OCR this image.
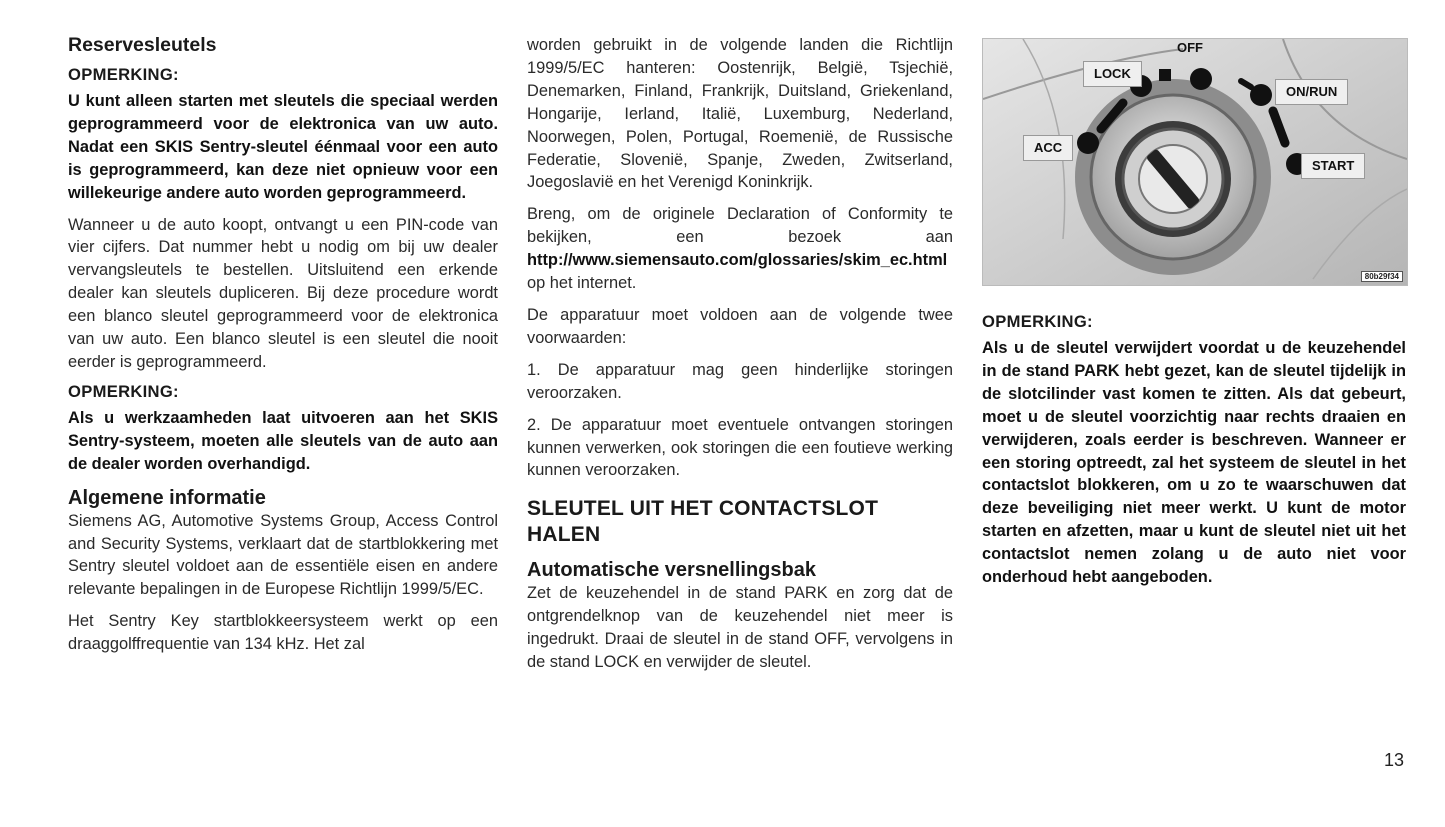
Reservesleutels
OPMERKING:

U kunt alleen starten met sleutels die speciaal werden geprogrammeerd voor de elektronica van uw auto. Nadat een SKIS Sentry-sleutel éénmaal voor een auto is geprogrammeerd, kan deze niet opnieuw voor een willekeurige andere auto worden geprogrammeerd.

Wanneer u de auto koopt, ontvangt u een PIN-code van vier cijfers. Dat nummer hebt u nodig om bij uw dealer vervangsleutels te bestellen. Uitsluitend een erkende dealer kan sleutels dupliceren. Bij deze procedure wordt een blanco sleutel geprogrammeerd voor de elektronica van uw auto. Een blanco sleutel is een sleutel die nooit eerder is geprogrammeerd.

OPMERKING:

Als u werkzaamheden laat uitvoeren aan het SKIS Sentry-systeem, moeten alle sleutels van de auto aan de dealer worden overhandigd.

Algemene informatie

Siemens AG, Automotive Systems Group, Access Control and Security Systems, verklaart dat de startblokkering met Sentry sleutel voldoet aan de essentiële eisen en andere relevante bepalingen in de Europese Richtlijn 1999/5/EC.

Het Sentry Key startblokkeersysteem werkt op een draaggolffrequentie van 134 kHz. Het zal

worden gebruikt in de volgende landen die Richtlijn 1999/5/EC hanteren: Oostenrijk, België, Tsjechië, Denemarken, Finland, Frankrijk, Duitsland, Griekenland, Hongarije, Ierland, Italië, Luxemburg, Nederland, Noorwegen, Polen, Portugal, Roemenië, de Russische Federatie, Slovenië, Spanje, Zweden, Zwitserland, Joegoslavië en het Verenigd Koninkrijk.

Breng, om de originele Declaration of Conformity te bekijken, een bezoek aan http://www.siemensauto.com/glossaries/skim_ec.html op het internet.

De apparatuur moet voldoen aan de volgende twee voorwaarden:

1. De apparatuur mag geen hinderlijke storingen veroorzaken.

2. De apparatuur moet eventuele ontvangen storingen kunnen verwerken, ook storingen die een foutieve werking kunnen veroorzaken.

SLEUTEL UIT HET CONTACTSLOT HALEN
Automatische versnellingsbak

Zet de keuzehendel in de stand PARK en zorg dat de ontgrendelknop van de keuzehendel niet meer is ingedrukt. Draai de sleutel in de stand OFF, vervolgens in de stand LOCK en verwijder de sleutel.

OFF
LOCK
ON/RUN
ACC
START
80b29f34
OPMERKING:

Als u de sleutel verwijdert voordat u de keuzehendel in de stand PARK hebt gezet, kan de sleutel tijdelijk in de slotcilinder vast komen te zitten. Als dat gebeurt, moet u de sleutel voorzichtig naar rechts draaien en verwijderen, zoals eerder is beschreven. Wanneer er een storing optreedt, zal het systeem de sleutel in het contactslot blokkeren, om u zo te waarschuwen dat deze beveiliging niet meer werkt. U kunt de motor starten en afzetten, maar u kunt de sleutel niet uit het contactslot nemen zolang u de auto niet voor onderhoud hebt aangeboden.

13
